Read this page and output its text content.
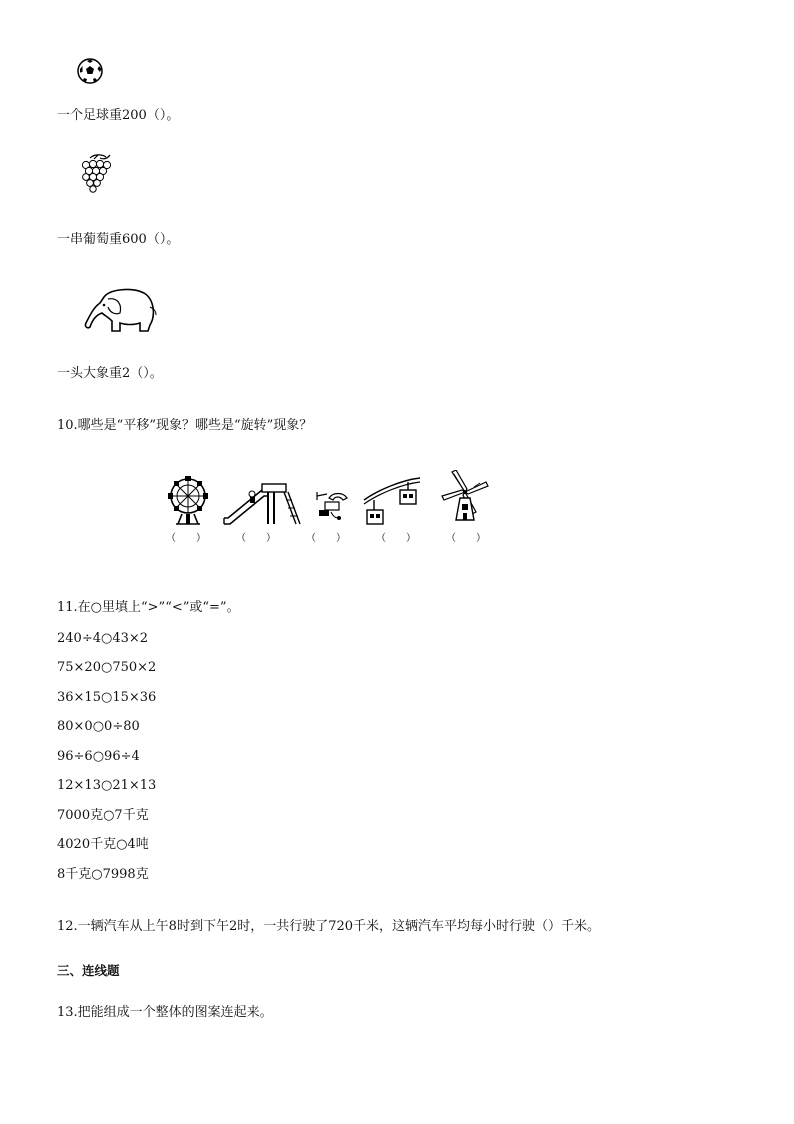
一个足球重200（）。
一串葡萄重600（）。
一头大象重2（）。
10.哪些是“平移”现象？哪些是“旋转”现象？
（　　）	（　　）	（　　）	（　　）	（　　）
11.在○里填上“>”“<”或“=”。
240÷4○43×2
75×20○750×2
36×15○15×36
80×0○0÷80
96÷6○96÷4
12×13○21×13
7000克○7千克
4020千克○4吨
8千克○7998克
12.一辆汽车从上午8时到下午2时，一共行驶了720千米，这辆汽车平均每小时行驶（）千米。
三、连线题
13.把能组成一个整体的图案连起来。
